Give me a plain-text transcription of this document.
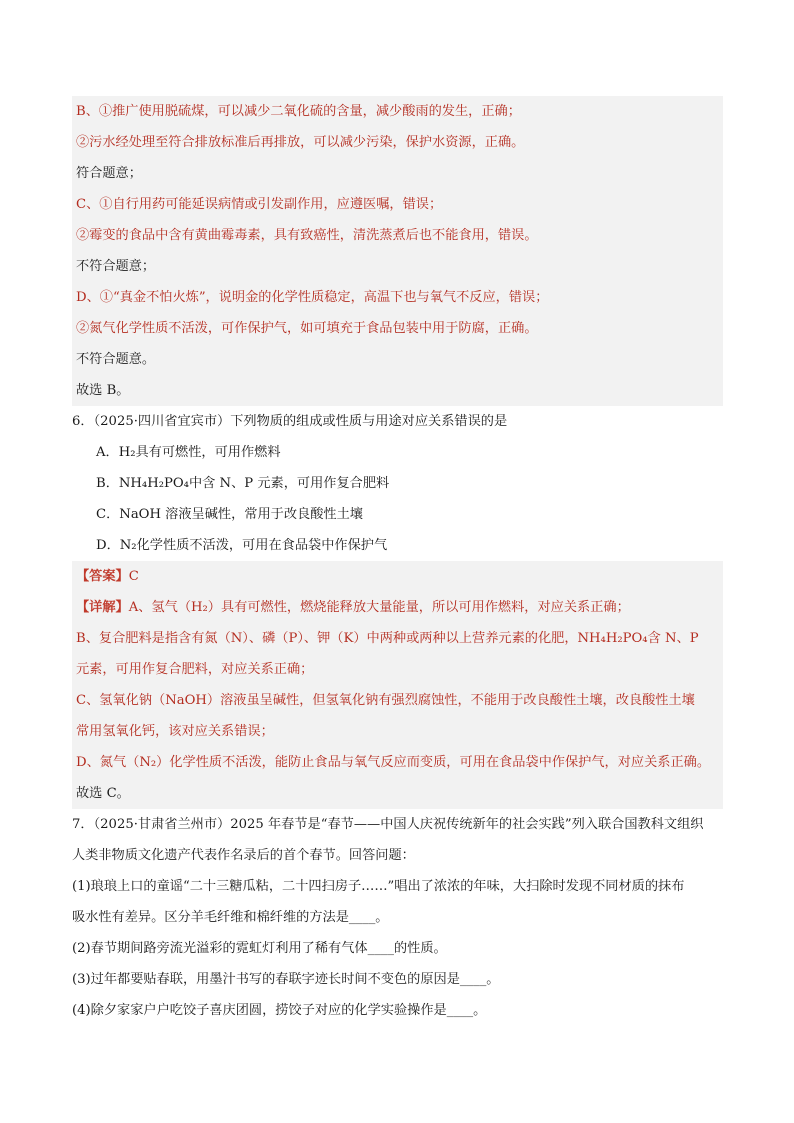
B、①推广使用脱硫煤，可以减少二氧化硫的含量，减少酸雨的发生，正确；
②污水经处理至符合排放标准后再排放，可以减少污染，保护水资源，正确。
符合题意；
C、①自行用药可能延误病情或引发副作用，应遵医嘱，错误；
②霉变的食品中含有黄曲霉毒素，具有致癌性，清洗蒸煮后也不能食用，错误。
不符合题意；
D、①“真金不怕火炼”，说明金的化学性质稳定，高温下也与氧气不反应，错误；
②氮气化学性质不活泼，可作保护气，如可填充于食品包装中用于防腐，正确。
不符合题意。
故选 B。
6．（2025·四川省宜宾市）下列物质的组成或性质与用途对应关系错误的是
A．H₂具有可燃性，可用作燃料
B．NH₄H₂PO₄中含 N、P 元素，可用作复合肥料
C．NaOH 溶液呈碱性，常用于改良酸性土壤
D．N₂化学性质不活泼，可用在食品袋中作保护气
【答案】C
【详解】A、氢气（H₂）具有可燃性，燃烧能释放大量能量，所以可用作燃料，对应关系正确；
B、复合肥料是指含有氮（N）、磷（P）、钾（K）中两种或两种以上营养元素的化肥，NH₄H₂PO₄含 N、P
元素，可用作复合肥料，对应关系正确；
C、氢氧化钠（NaOH）溶液虽呈碱性，但氢氧化钠有强烈腐蚀性，不能用于改良酸性土壤，改良酸性土壤
常用氢氧化钙，该对应关系错误；
D、氮气（N₂）化学性质不活泼，能防止食品与氧气反应而变质，可用在食品袋中作保护气，对应关系正确。
故选 C。
7．（2025·甘肃省兰州市）2025 年春节是“春节——中国人庆祝传统新年的社会实践”列入联合国教科文组织
人类非物质文化遗产代表作名录后的首个春节。回答问题：
(1)琅琅上口的童谣“二十三糖瓜粘，二十四扫房子……”唱出了浓浓的年味，大扫除时发现不同材质的抹布
吸水性有差异。区分羊毛纤维和棉纤维的方法是____。
(2)春节期间路旁流光溢彩的霓虹灯利用了稀有气体____的性质。
(3)过年都要贴春联，用墨汁书写的春联字迹长时间不变色的原因是____。
(4)除夕家家户户吃饺子喜庆团圆，捞饺子对应的化学实验操作是____。
